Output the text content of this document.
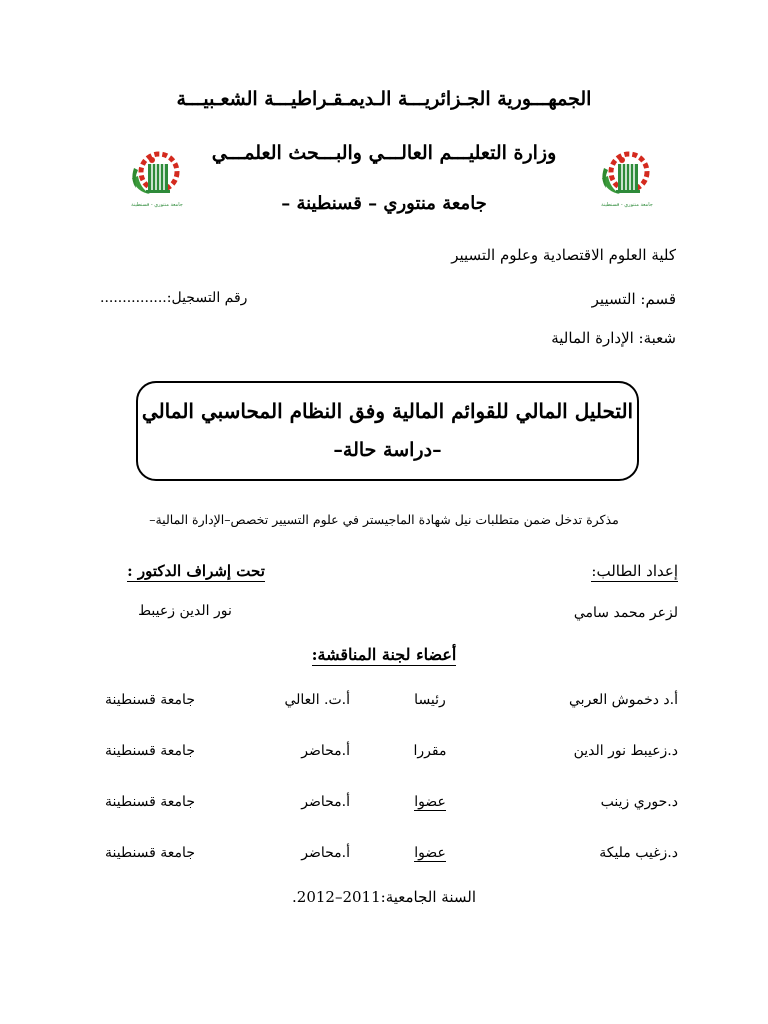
الجمهـــورية الجـزائريـــة الـديمـقـراطيـــة الشعـبيـــة
وزارة التعليـــم العالـــي والبـــحث العلمـــي
جامعة منتوري – قسنطينة –
جامعة منتوري - قسنطينة	جامعة منتوري - قسنطينة
كلية العلوم الاقتصادية وعلوم التسيير
قسم: التسيير
رقم التسجيل:...............
شعبة: الإدارة المالية
التحليل المالي للقوائم المالية وفق النظام المحاسبي المالي
–دراسة حالة–
مذكرة تدخل ضمن متطلبات نيل شهادة الماجيستر في علوم التسيير تخصص–الإدارة المالية–
إعداد الطالب:
تحت إشراف الدكتور :
لزعر محمد سامي
نور الدين زعيبط
أعضاء لجنة المناقشة:
أ.د دخموش العربي
رئيسا
أ.ت. العالي
جامعة قسنطينة
د.زعيبط نور الدين
مقررا
أ.محاضر
جامعة قسنطينة
د.حوري زينب
عضوا
أ.محاضر
جامعة قسنطينة
د.زغيب مليكة
عضوا
أ.محاضر
جامعة قسنطينة
السنة الجامعية:2011–2012.
